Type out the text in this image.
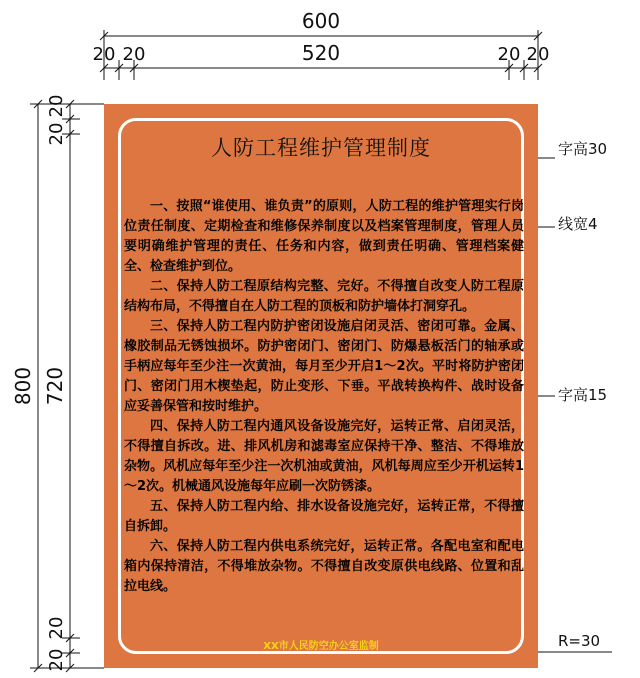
600
520
20 20	20 20
800 720
20
20
20
20
人防工程维护管理制度

一、按照“谁使用、谁负责”的原则，人防工程的维护管理实行岗位责任制度、定期检查和维修保养制度以及档案管理制度，管理人员要明确维护管理的责任、任务和内容，做到责任明确、管理档案健全、检查维护到位。

二、保持人防工程原结构完整、完好。不得擅自改变人防工程原结构布局，不得擅自在人防工程的顶板和防护墙体打洞穿孔。

三、保持人防工程内防护密闭设施启闭灵活、密闭可靠。金属、橡胶制品无锈蚀损坏。防护密闭门、密闭门、防爆悬板活门的轴承或手柄应每年至少注一次黄油，每月至少开启1～2次。平时将防护密闭门、密闭门用木楔垫起，防止变形、下垂。平战转换构件、战时设备应妥善保管和按时维护。

四、保持人防工程内通风设备设施完好，运转正常、启闭灵活，不得擅自拆改。进、排风机房和滤毒室应保持干净、整洁、不得堆放杂物。风机应每年至少注一次机油或黄油，风机每周应至少开机运转1～2次。机械通风设施每年应刷一次防锈漆。

五、保持人防工程内给、排水设备设施完好，运转正常，不得擅自拆卸。

六、保持人防工程内供电系统完好，运转正常。各配电室和配电箱内保持清洁，不得堆放杂物。不得擅自改变原供电线路、位置和乱拉电线。

XX市人民防空办公室监制
字高30
线宽4
字高15
R=30
